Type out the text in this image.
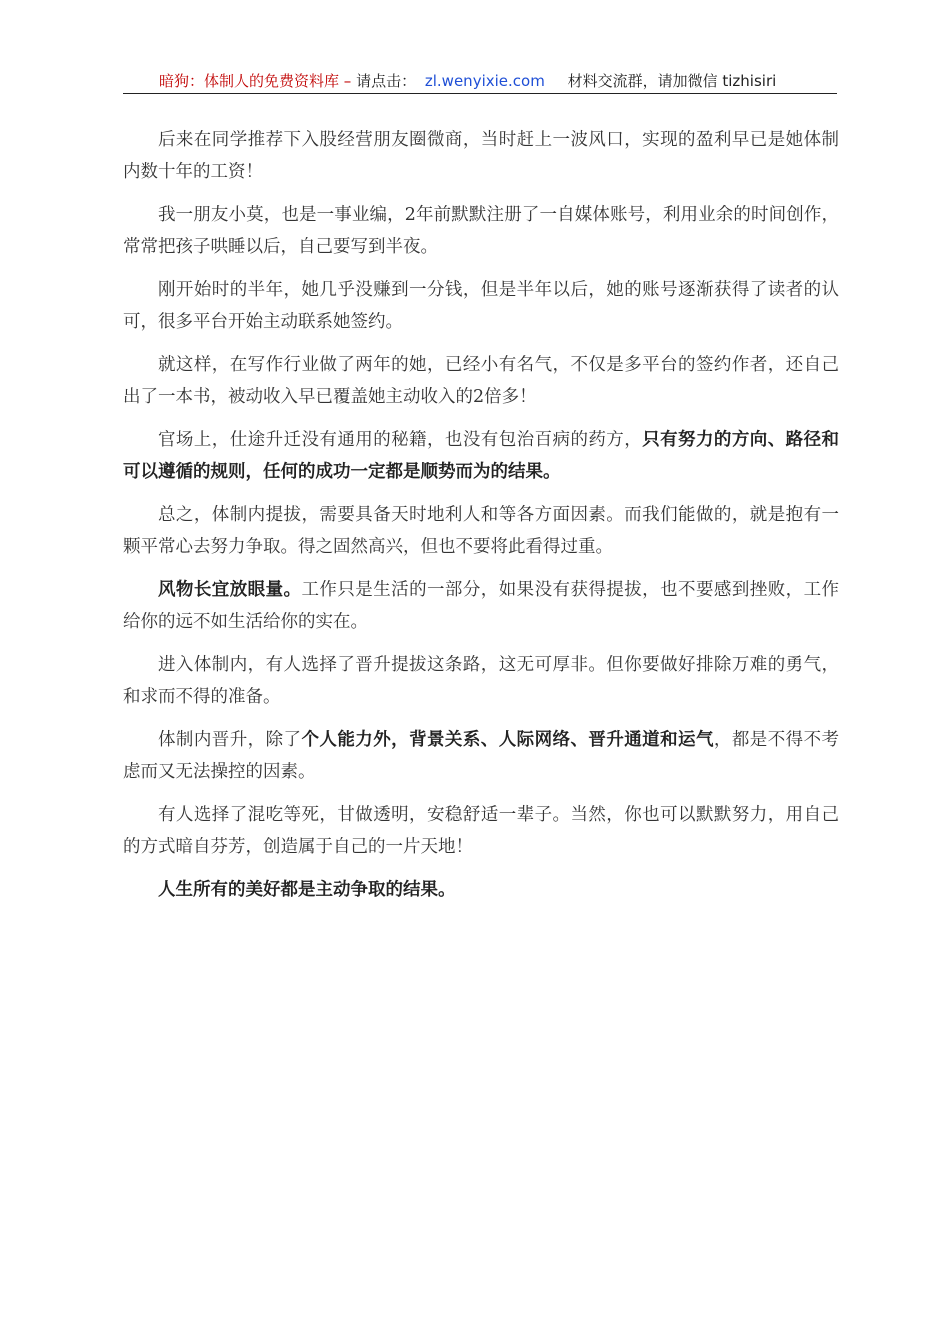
暗狗：体制人的免费资料库 – 请点击： zl.wenyixie.com 材料交流群，请加微信 tizhisiri

后来在同学推荐下入股经营朋友圈微商，当时赶上一波风口，实现的盈利早已是她体制内数十年的工资！

我一朋友小莫，也是一事业编，2年前默默注册了一自媒体账号，利用业余的时间创作，常常把孩子哄睡以后，自己要写到半夜。

刚开始时的半年，她几乎没赚到一分钱，但是半年以后，她的账号逐渐获得了读者的认可，很多平台开始主动联系她签约。

就这样，在写作行业做了两年的她，已经小有名气，不仅是多平台的签约作者，还自己出了一本书，被动收入早已覆盖她主动收入的2倍多！

官场上，仕途升迁没有通用的秘籍，也没有包治百病的药方，只有努力的方向、路径和可以遵循的规则，任何的成功一定都是顺势而为的结果。

总之，体制内提拔，需要具备天时地利人和等各方面因素。而我们能做的，就是抱有一颗平常心去努力争取。得之固然高兴，但也不要将此看得过重。

风物长宜放眼量。工作只是生活的一部分，如果没有获得提拔，也不要感到挫败，工作给你的远不如生活给你的实在。

进入体制内，有人选择了晋升提拔这条路，这无可厚非。但你要做好排除万难的勇气，和求而不得的准备。

体制内晋升，除了个人能力外，背景关系、人际网络、晋升通道和运气，都是不得不考虑而又无法操控的因素。

有人选择了混吃等死，甘做透明，安稳舒适一辈子。当然，你也可以默默努力，用自己的方式暗自芬芳，创造属于自己的一片天地！

人生所有的美好都是主动争取的结果。
